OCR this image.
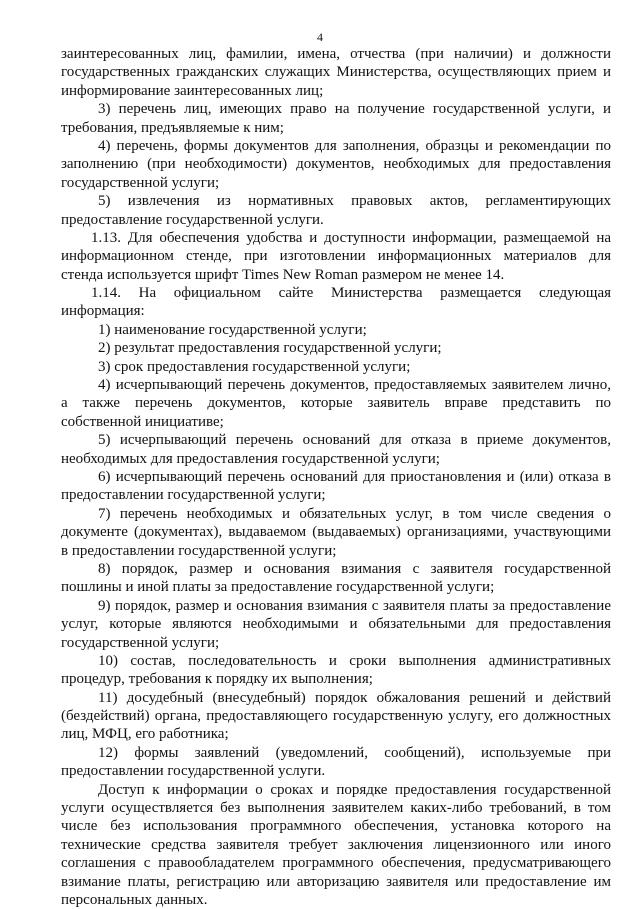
4
заинтересованных лиц, фамилии, имена, отчества (при наличии) и должности
государственных гражданских служащих Министерства, осуществляющих прием и
информирование заинтересованных лиц;
3) перечень лиц, имеющих право на получение государственной услуги, и
требования, предъявляемые к ним;
4) перечень, формы документов для заполнения, образцы и рекомендации по
заполнению (при необходимости) документов, необходимых для предоставления
государственной услуги;
5) извлечения из нормативных правовых актов, регламентирующих
предоставление государственной услуги.
1.13. Для обеспечения удобства и доступности информации, размещаемой на
информационном стенде, при изготовлении информационных материалов для
стенда используется шрифт Times New Roman размером не менее 14.
1.14. На официальном сайте Министерства размещается следующая
информация:
1) наименование государственной услуги;
2) результат предоставления государственной услуги;
3) срок предоставления государственной услуги;
4) исчерпывающий перечень документов, предоставляемых заявителем лично,
а также перечень документов, которые заявитель вправе представить по
собственной инициативе;
5) исчерпывающий перечень оснований для отказа в приеме документов,
необходимых для предоставления государственной услуги;
6) исчерпывающий перечень оснований для приостановления и (или) отказа в
предоставлении государственной услуги;
7) перечень необходимых и обязательных услуг, в том числе сведения о
документе (документах), выдаваемом (выдаваемых) организациями, участвующими
в предоставлении государственной услуги;
8) порядок, размер и основания взимания с заявителя государственной
пошлины и иной платы за предоставление государственной услуги;
9) порядок, размер и основания взимания с заявителя платы за предоставление
услуг, которые являются необходимыми и обязательными для предоставления
государственной услуги;
10) состав, последовательность и сроки выполнения административных
процедур, требования к порядку их выполнения;
11) досудебный (внесудебный) порядок обжалования решений и действий
(бездействий) органа, предоставляющего государственную услугу, его должностных
лиц, МФЦ, его работника;
12) формы заявлений (уведомлений, сообщений), используемые при
предоставлении государственной услуги.
Доступ к информации о сроках и порядке предоставления государственной
услуги осуществляется без выполнения заявителем каких-либо требований, в том
числе без использования программного обеспечения, установка которого на
технические средства заявителя требует заключения лицензионного или иного
соглашения с правообладателем программного обеспечения, предусматривающего
взимание платы, регистрацию или авторизацию заявителя или предоставление им
персональных данных.
